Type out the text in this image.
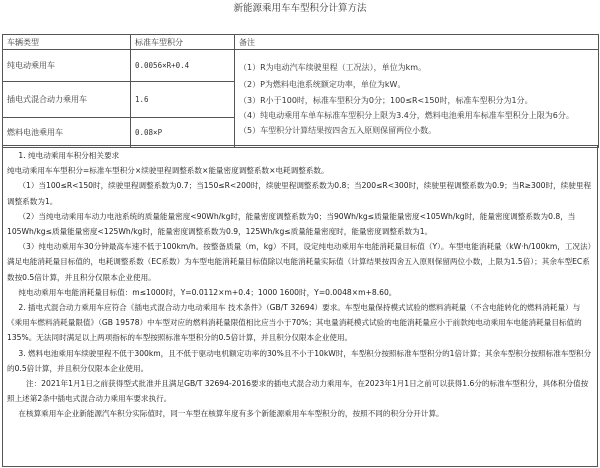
新能源乘用车车型积分计算方法
车辆类型	标准车型积分	备注
纯电动乘用车	0.0056×R+0.4	（1）R为电动汽车续驶里程（工况法），单位为km。
（2）P为燃料电池系统额定功率，单位为kW。
（3）R小于100时，标准车型积分为0分；100≤R<150时，标准车型积分为1分。
（4）纯电动乘用车单车标准车型积分上限为3.4分，燃料电池乘用车标准车型积分上限为6分。
（5）车型积分计算结果按四舍五入原则保留两位小数。

插电式混合动力乘用车	1.6	
燃料电池乘用车	0.08×P	

1. 纯电动乘用车积分相关要求

纯电动乘用车车型积分=标准车型积分×续驶里程调整系数×能量密度调整系数×电耗调整系数。

（1）当100≤R<150时，续驶里程调整系数为0.7；当150≤R<200时，续驶里程调整系数为0.8；当200≤R<300时，续驶里程调整系数为0.9；当R≥300时，续驶里程调整系数为1。

（2）当纯电动乘用车动力电池系统的质量能量密度<90Wh/kg时，能量密度调整系数为0；当90Wh/kg≤质量能量密度<105Wh/kg时，能量密度调整系数为0.8，当105Wh/kg≤质量能量密度<125Wh/kg时，能量密度调整系数为0.9，125Wh/kg≤质量能量密度时，能量密度调整系数为1。

（3）纯电动乘用车30分钟最高车速不低于100km/h。按整备质量（m，kg）不同，设定纯电动乘用车电能消耗量目标值（Y）。车型电能消耗量（kW·h/100km，工况法）满足电能消耗量目标值的，电耗调整系数（EC系数）为车型电能消耗量目标值除以电能消耗量实际值（计算结果按四舍五入原则保留两位小数，上限为1.5倍）；其余车型EC系数按0.5倍计算，并且积分仅限本企业使用。

纯电动乘用车电能消耗量目标值：m≤1000时，Y=0.0112×m+0.4；1000 1600时，Y=0.0048×m+8.60。

2. 插电式混合动力乘用车应符合《插电式混合动力电动乘用车 技术条件》（GB/T 32694）要求。车型电量保持模式试验的燃料消耗量（不含电能转化的燃料消耗量）与《乘用车燃料消耗量限值》（GB 19578）中车型对应的燃料消耗量限值相比应当小于70%；其电量消耗模式试验的电能消耗量应小于前款纯电动乘用车电能消耗量目标值的135%。无法同时满足以上两项指标的车型按照标准车型积分的0.5倍计算，并且积分仅限本企业使用。

3. 燃料电池乘用车续驶里程不低于300km，且不低于驱动电机额定功率的30%且不小于10kW时，车型积分按照标准车型积分的1倍计算；其余车型积分按照标准车型积分的0.5倍计算，并且积分仅限本企业使用。

注：2021年1月1日之前获得型式批准并且满足GB/T 32694-2016要求的插电式混合动力乘用车，在2023年1月1日之前可以获得1.6分的标准车型积分，具体积分值按照上述第2条中插电式混合动力乘用车要求执行。

在核算乘用车企业新能源汽车积分实际值时，同一车型在核算年度有多个新能源乘用车车型积分的，按照不同的积分分开计算。
